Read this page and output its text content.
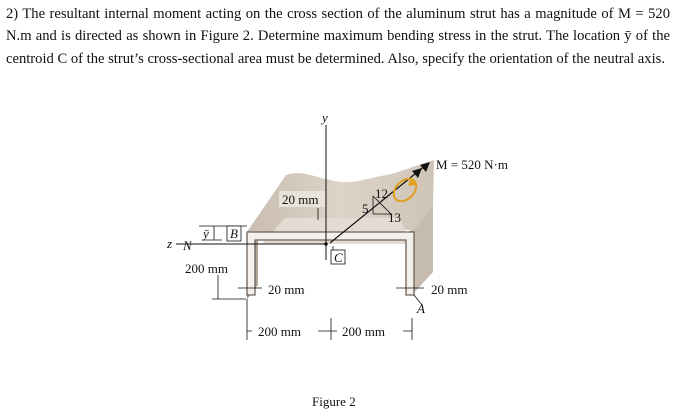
2) The resultant internal moment acting on the cross section of the aluminum strut has a magnitude of M = 520 N.m and is directed as shown in Figure 2. Determine maximum bending stress in the strut. The location ȳ of the centroid C of the strut’s cross-sectional area must be determined. Also, specify the orientation of the neutral axis.
y
z N
C
ȳ B
200 mm
20 mm	12
5
13
M = 520 N·m
20 mm	20 mm
A
200 mm	200 mm
Figure 2
